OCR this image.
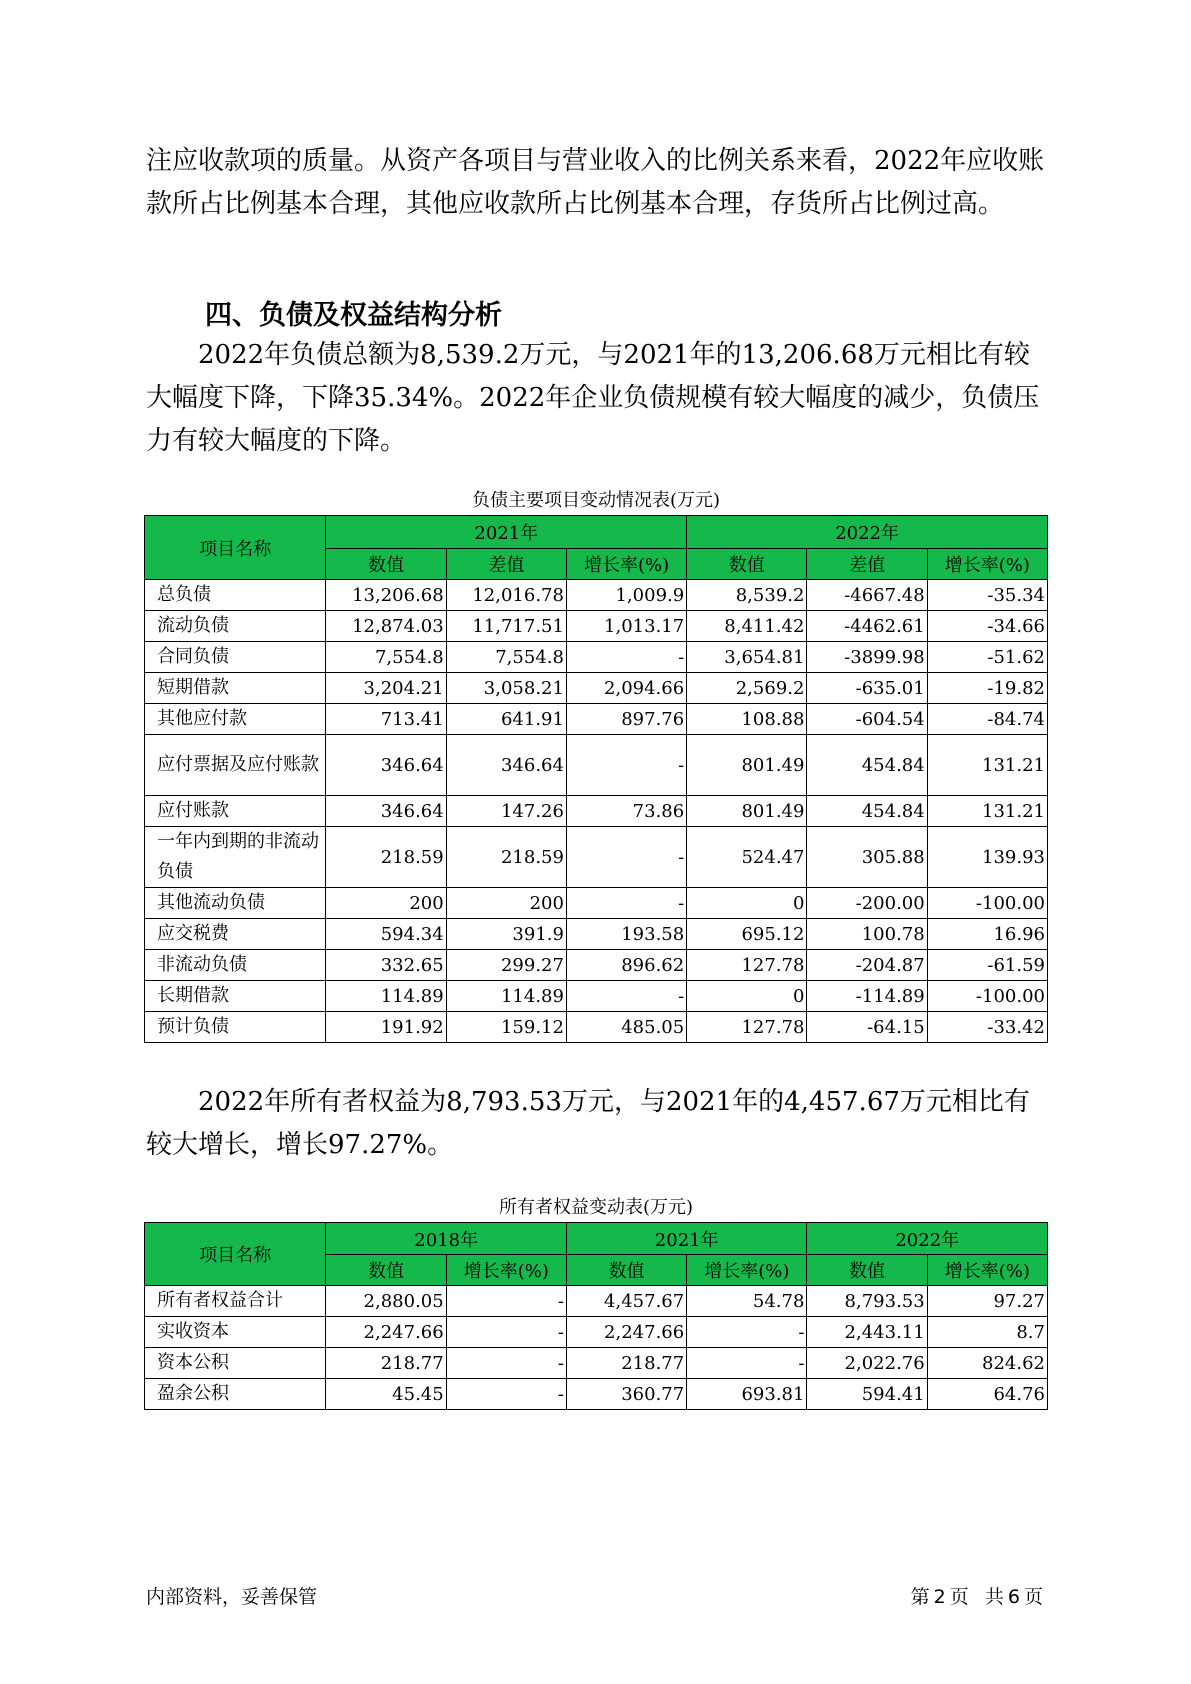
注应收款项的质量。从资产各项目与营业收入的比例关系来看，2022年应收账款所占比例基本合理，其他应收款所占比例基本合理，存货所占比例过高。

四、负债及权益结构分析

2022年负债总额为8,539.2万元，与2021年的13,206.68万元相比有较大幅度下降，下降35.34%。2022年企业负债规模有较大幅度的减少，负债压力有较大幅度的下降。

负债主要项目变动情况表(万元)

项目名称	2021年			2022年		
	数值	差值	增长率(%)	数值	差值	增长率(%)
总负债	13,206.68	12,016.78	1,009.9	8,539.2	-4667.48	-35.34
流动负债	12,874.03	11,717.51	1,013.17	8,411.42	-4462.61	-34.66
合同负债	7,554.8	7,554.8	-	3,654.81	-3899.98	-51.62
短期借款	3,204.21	3,058.21	2,094.66	2,569.2	-635.01	-19.82
其他应付款	713.41	641.91	897.76	108.88	-604.54	-84.74
应付票据及应付账款	346.64	346.64	-	801.49	454.84	131.21
应付账款	346.64	147.26	73.86	801.49	454.84	131.21
一年内到期的非流动负债	218.59	218.59	-	524.47	305.88	139.93
其他流动负债	200	200	-	0	-200.00	-100.00
应交税费	594.34	391.9	193.58	695.12	100.78	16.96
非流动负债	332.65	299.27	896.62	127.78	-204.87	-61.59
长期借款	114.89	114.89	-	0	-114.89	-100.00
预计负债	191.92	159.12	485.05	127.78	-64.15	-33.42

2022年所有者权益为8,793.53万元，与2021年的4,457.67万元相比有较大增长，增长97.27%。

所有者权益变动表(万元)

项目名称	2018年		2021年		2022年	
	数值	增长率(%)	数值	增长率(%)	数值	增长率(%)
所有者权益合计	2,880.05	-	4,457.67	54.78	8,793.53	97.27
实收资本	2,247.66	-	2,247.66	-	2,443.11	8.7
资本公积	218.77	-	218.77	-	2,022.76	824.62
盈余公积	45.45	-	360.77	693.81	594.41	64.76

内部资料，妥善保管	第 2 页 共 6 页
